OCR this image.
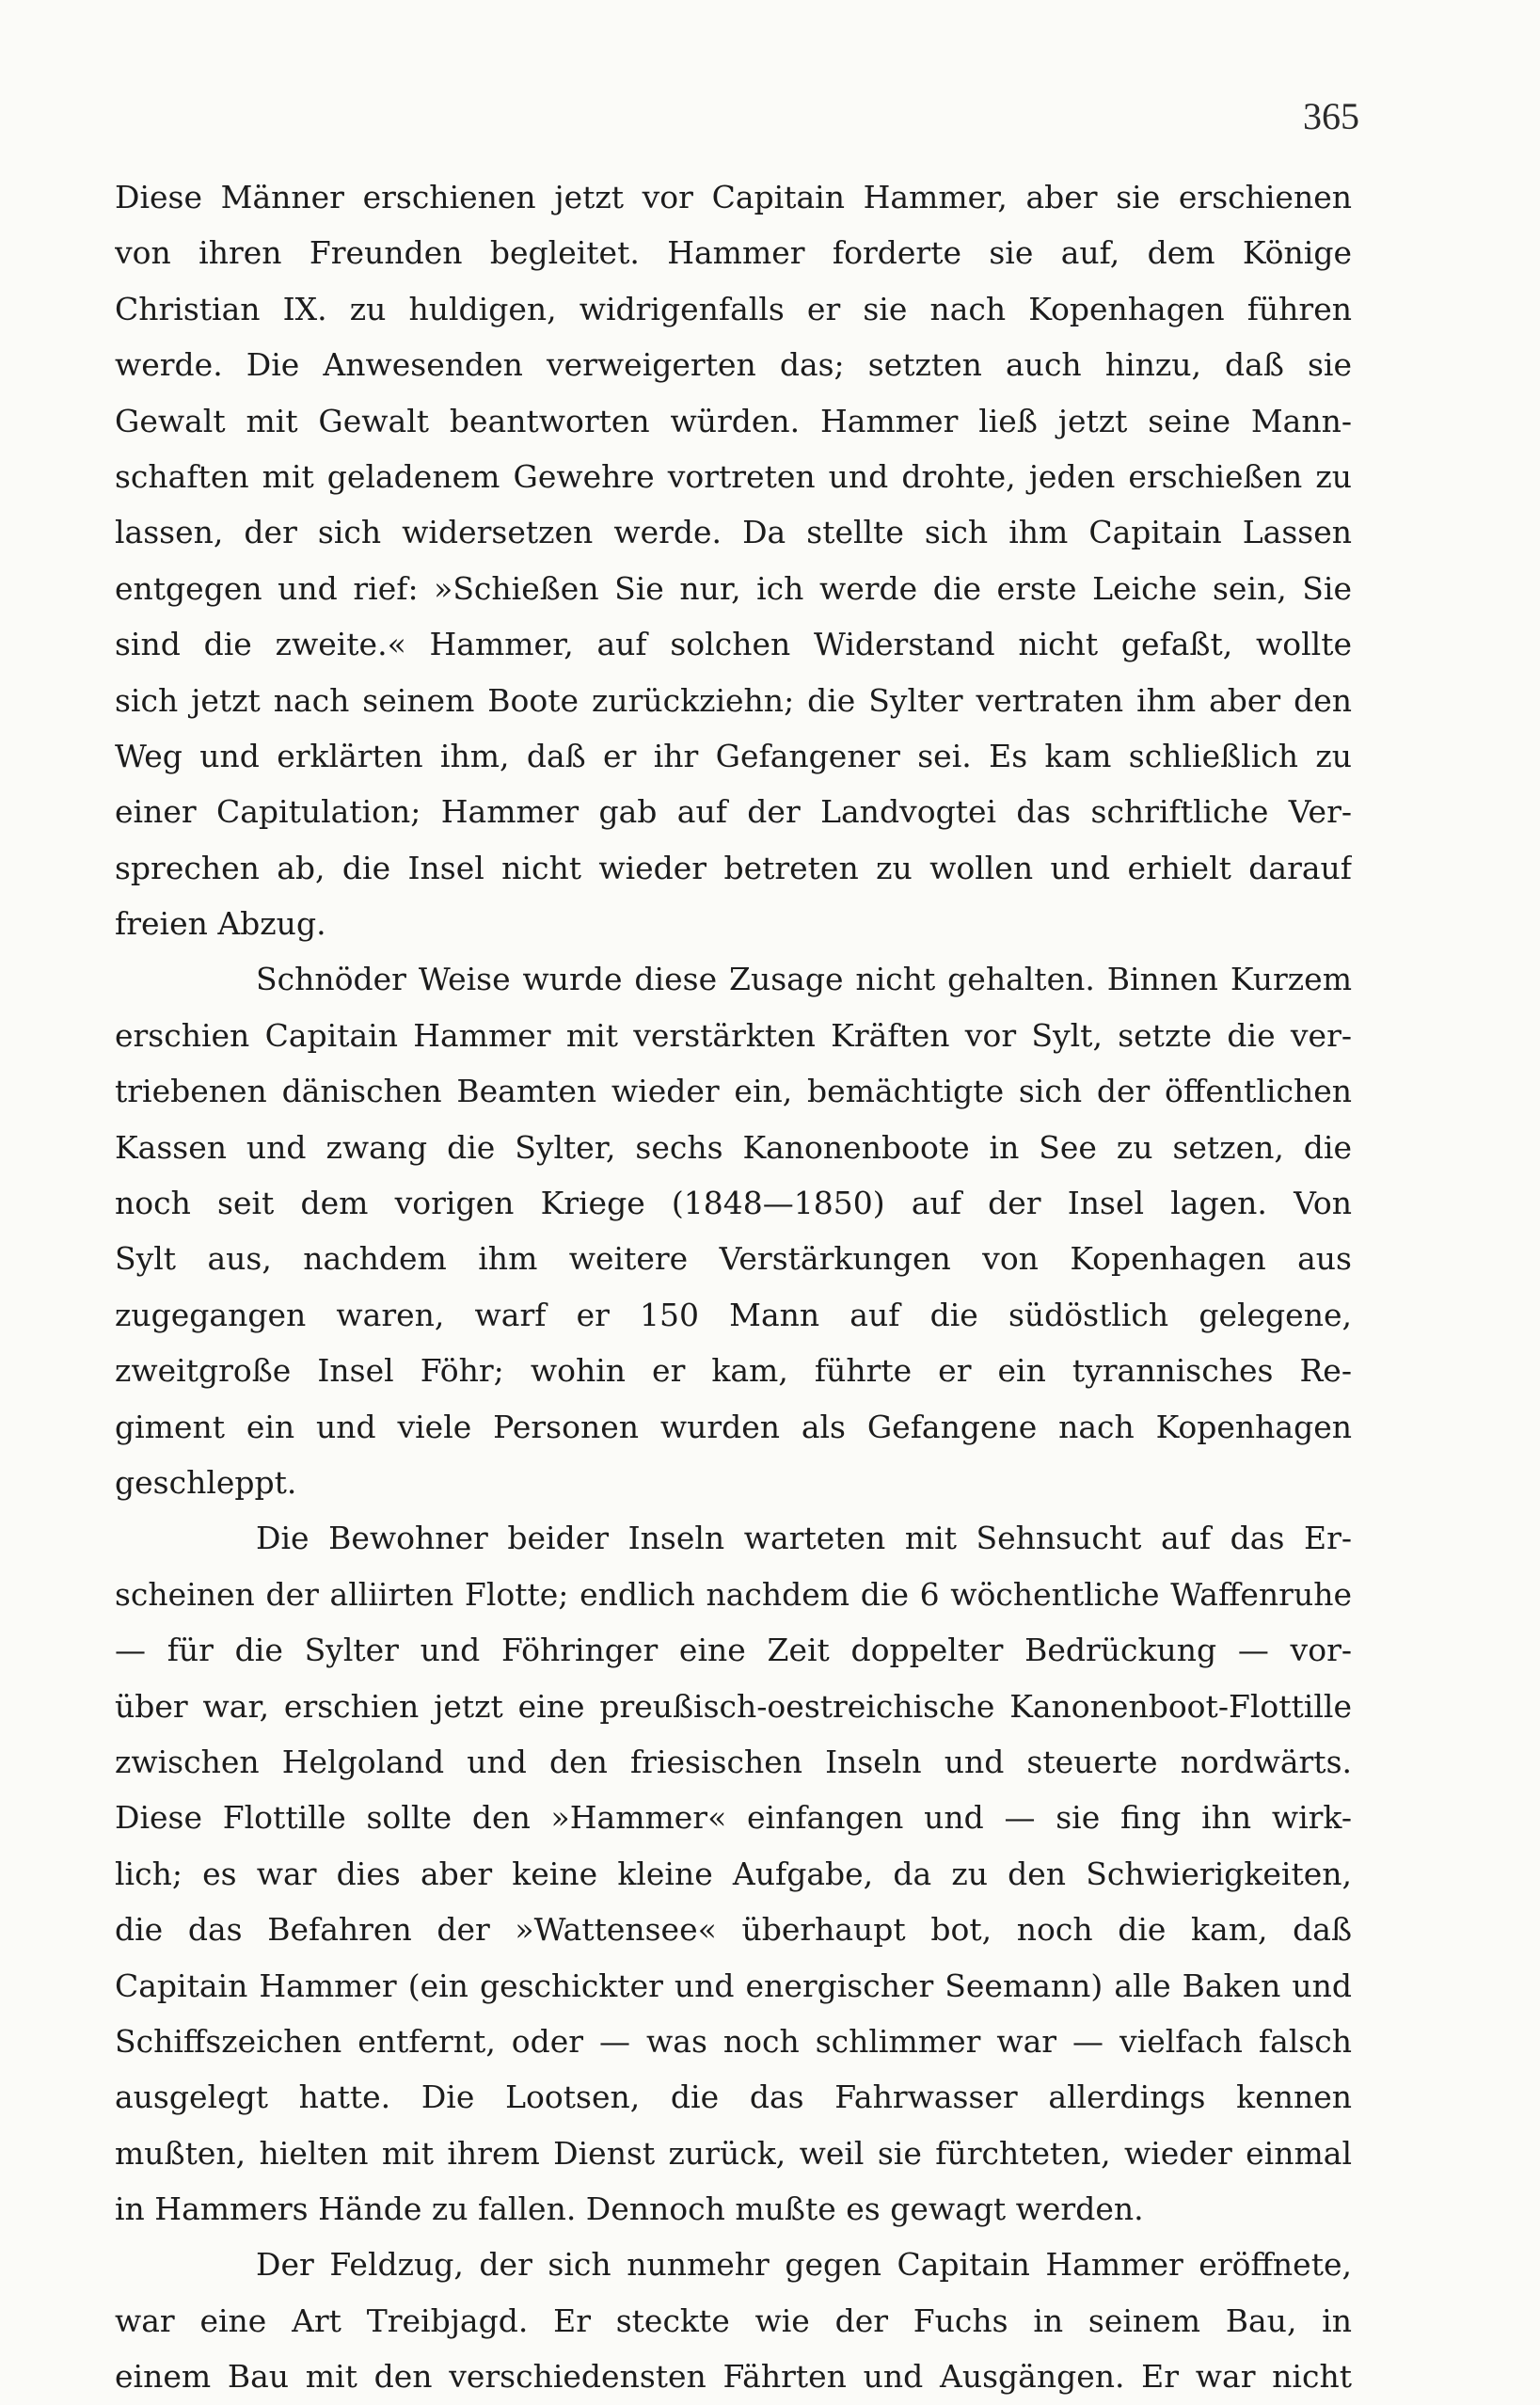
365
Diese Männer erschienen jetzt vor Capitain Hammer, aber sie erschienen
von ihren Freunden begleitet. Hammer forderte sie auf, dem Könige
Christian IX. zu huldigen, widrigenfalls er sie nach Kopenhagen führen
werde. Die Anwesenden verweigerten das; setzten auch hinzu, daß sie
Gewalt mit Gewalt beantworten würden. Hammer ließ jetzt seine Mann-
schaften mit geladenem Gewehre vortreten und drohte, jeden erschießen zu
lassen, der sich widersetzen werde. Da stellte sich ihm Capitain Lassen
entgegen und rief: »Schießen Sie nur, ich werde die erste Leiche sein, Sie
sind die zweite.« Hammer, auf solchen Widerstand nicht gefaßt, wollte
sich jetzt nach seinem Boote zurückziehn; die Sylter vertraten ihm aber den
Weg und erklärten ihm, daß er ihr Gefangener sei. Es kam schließlich zu
einer Capitulation; Hammer gab auf der Landvogtei das schriftliche Ver-
sprechen ab, die Insel nicht wieder betreten zu wollen und erhielt darauf
freien Abzug.
Schnöder Weise wurde diese Zusage nicht gehalten. Binnen Kurzem
erschien Capitain Hammer mit verstärkten Kräften vor Sylt, setzte die ver-
triebenen dänischen Beamten wieder ein, bemächtigte sich der öffentlichen
Kassen und zwang die Sylter, sechs Kanonenboote in See zu setzen, die
noch seit dem vorigen Kriege (1848—1850) auf der Insel lagen. Von
Sylt aus, nachdem ihm weitere Verstärkungen von Kopenhagen aus
zugegangen waren, warf er 150 Mann auf die südöstlich gelegene,
zweitgroße Insel Föhr; wohin er kam, führte er ein tyrannisches Re-
giment ein und viele Personen wurden als Gefangene nach Kopenhagen
geschleppt.
Die Bewohner beider Inseln warteten mit Sehnsucht auf das Er-
scheinen der alliirten Flotte; endlich nachdem die 6 wöchentliche Waffenruhe
— für die Sylter und Föhringer eine Zeit doppelter Bedrückung — vor-
über war, erschien jetzt eine preußisch-oestreichische Kanonenboot-Flottille
zwischen Helgoland und den friesischen Inseln und steuerte nordwärts.
Diese Flottille sollte den »Hammer« einfangen und — sie fing ihn wirk-
lich; es war dies aber keine kleine Aufgabe, da zu den Schwierigkeiten,
die das Befahren der »Wattensee« überhaupt bot, noch die kam, daß
Capitain Hammer (ein geschickter und energischer Seemann) alle Baken und
Schiffszeichen entfernt, oder — was noch schlimmer war — vielfach falsch
ausgelegt hatte. Die Lootsen, die das Fahrwasser allerdings kennen
mußten, hielten mit ihrem Dienst zurück, weil sie fürchteten, wieder einmal
in Hammers Hände zu fallen. Dennoch mußte es gewagt werden.
Der Feldzug, der sich nunmehr gegen Capitain Hammer eröffnete,
war eine Art Treibjagd. Er steckte wie der Fuchs in seinem Bau, in
einem Bau mit den verschiedensten Fährten und Ausgängen. Er war nicht
